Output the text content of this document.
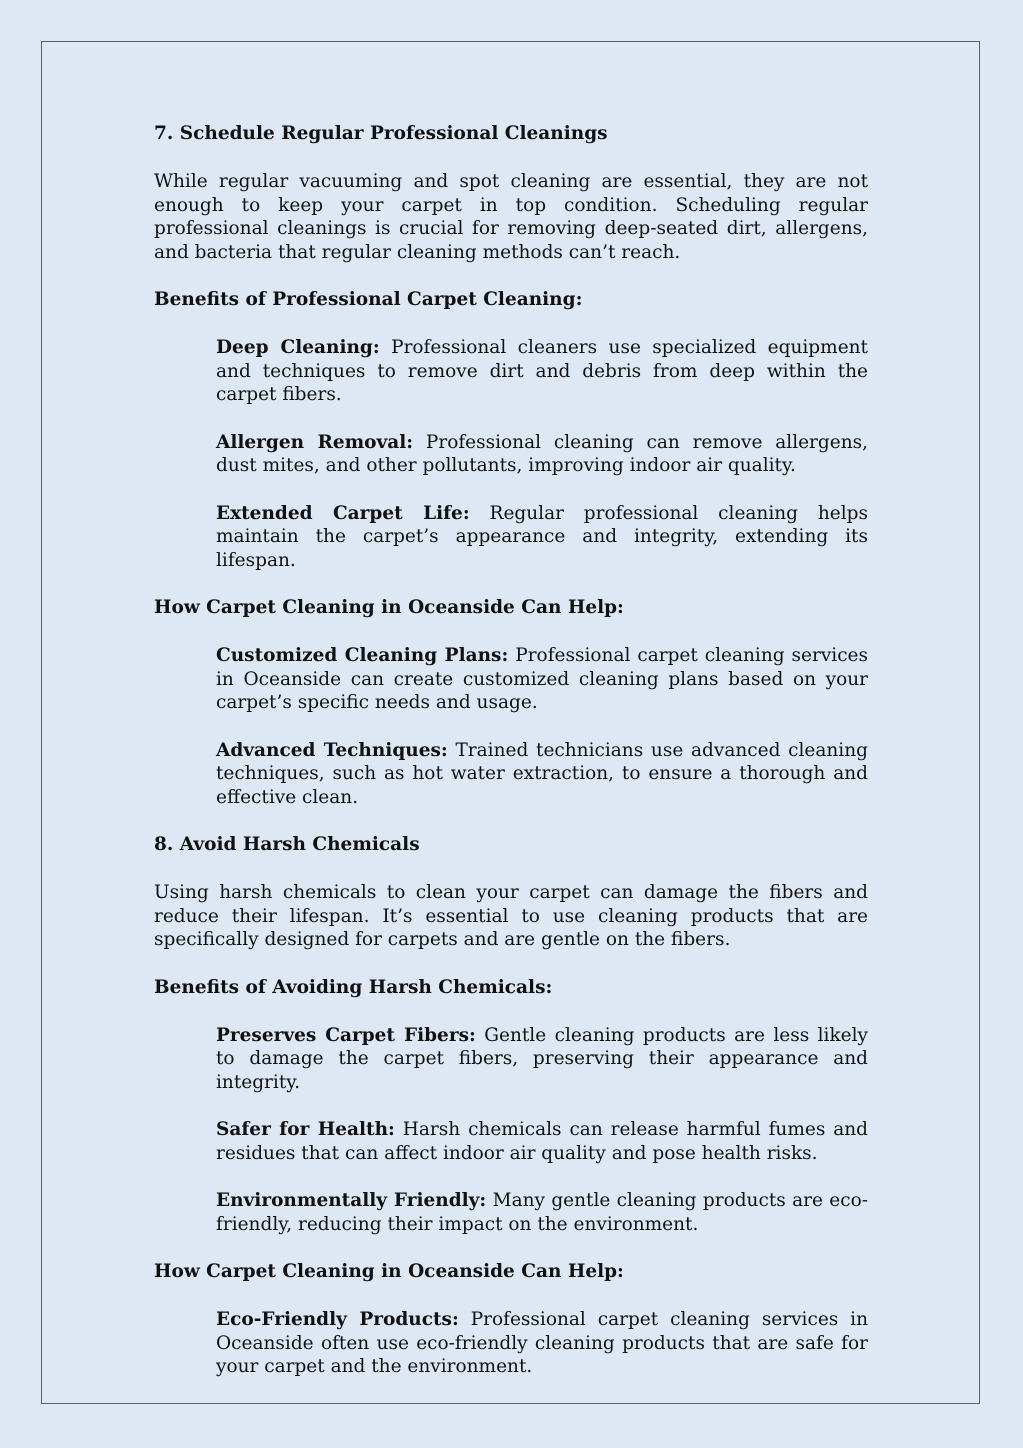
7. Schedule Regular Professional Cleanings
While regular vacuuming and spot cleaning are essential, they are not enough to keep your carpet in top condition. Scheduling regular professional cleanings is crucial for removing deep-seated dirt, allergens, and bacteria that regular cleaning methods can’t reach.
Benefits of Professional Carpet Cleaning:
Deep Cleaning: Professional cleaners use specialized equipment and techniques to remove dirt and debris from deep within the carpet fibers.
Allergen Removal: Professional cleaning can remove allergens, dust mites, and other pollutants, improving indoor air quality.
Extended Carpet Life: Regular professional cleaning helps maintain the carpet’s appearance and integrity, extending its lifespan.
How Carpet Cleaning in Oceanside Can Help:
Customized Cleaning Plans: Professional carpet cleaning services in Oceanside can create customized cleaning plans based on your carpet’s specific needs and usage.
Advanced Techniques: Trained technicians use advanced cleaning techniques, such as hot water extraction, to ensure a thorough and effective clean.
8. Avoid Harsh Chemicals
Using harsh chemicals to clean your carpet can damage the fibers and reduce their lifespan. It’s essential to use cleaning products that are specifically designed for carpets and are gentle on the fibers.
Benefits of Avoiding Harsh Chemicals:
Preserves Carpet Fibers: Gentle cleaning products are less likely to damage the carpet fibers, preserving their appearance and integrity.
Safer for Health: Harsh chemicals can release harmful fumes and residues that can affect indoor air quality and pose health risks.
Environmentally Friendly: Many gentle cleaning products are eco-friendly, reducing their impact on the environment.
How Carpet Cleaning in Oceanside Can Help:
Eco-Friendly Products: Professional carpet cleaning services in Oceanside often use eco-friendly cleaning products that are safe for your carpet and the environment.
